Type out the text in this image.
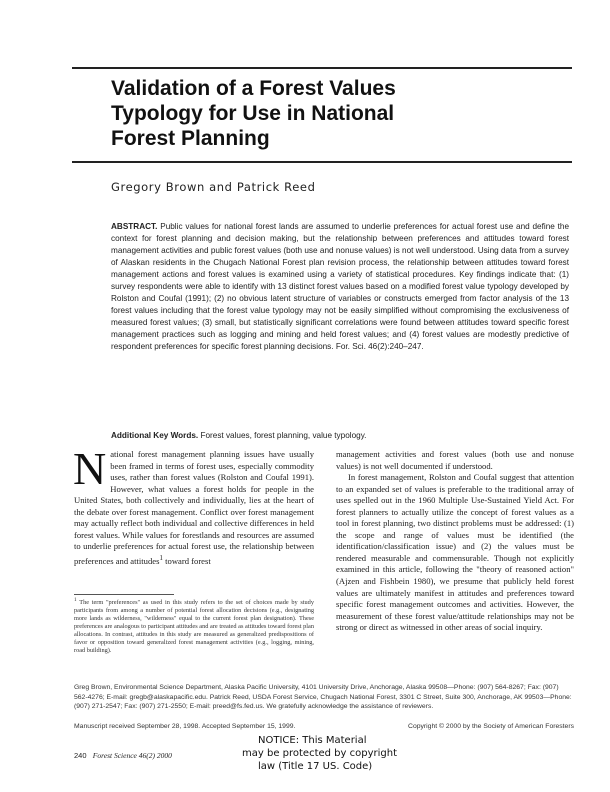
Validation of a Forest Values
Typology for Use in National
Forest Planning
Gregory Brown and Patrick Reed
ABSTRACT. Public values for national forest lands are assumed to underlie preferences for actual forest use and define the context for forest planning and decision making, but the relationship between preferences and attitudes toward forest management activities and public forest values (both use and nonuse values) is not well understood. Using data from a survey of Alaskan residents in the Chugach National Forest plan revision process, the relationship between attitudes toward forest management actions and forest values is examined using a variety of statistical procedures. Key findings indicate that: (1) survey respondents were able to identify with 13 distinct forest values based on a modified forest value typology developed by Rolston and Coufal (1991); (2) no obvious latent structure of variables or constructs emerged from factor analysis of the 13 forest values including that the forest value typology may not be easily simplified without compromising the exclusiveness of measured forest values; (3) small, but statistically significant correlations were found between attitudes toward specific forest management practices such as logging and mining and held forest values; and (4) forest values are modestly predictive of respondent preferences for specific forest planning decisions. For. Sci. 46(2):240–247.
Additional Key Words. Forest values, forest planning, value typology.

National forest management planning issues have usually been framed in terms of forest uses, especially commodity uses, rather than forest values (Rolston and Coufal 1991). However, what values a forest holds for people in the United States, both collectively and individually, lies at the heart of the debate over forest management. Conflict over forest management may actually reflect both individual and collective differences in held forest values. While values for forestlands and resources are assumed to underlie preferences for actual forest use, the relationship between preferences and attitudes$^1$ toward forest

$^1$ The term "preferences" as used in this study refers to the set of choices made by study participants from among a number of potential forest allocation decisions (e.g., designating more lands as wilderness, "wilderness" equal to the current forest plan designation). These preferences are analogous to participant attitudes and are treated as attitudes toward forest plan allocations. In contrast, attitudes in this study are measured as generalized predispositions of favor or opposition toward generalized forest management activities (e.g., logging, mining, road building).

management activities and forest values (both use and nonuse values) is not well documented if understood.

In forest management, Rolston and Coufal suggest that attention to an expanded set of values is preferable to the traditional array of uses spelled out in the 1960 Multiple Use-Sustained Yield Act. For forest planners to actually utilize the concept of forest values as a tool in forest planning, two distinct problems must be addressed: (1) the scope and range of values must be identified (the identification/classification issue) and (2) the values must be rendered measurable and commensurable. Though not explicitly examined in this article, following the "theory of reasoned action" (Ajzen and Fishbein 1980), we presume that publicly held forest values are ultimately manifest in attitudes and preferences toward specific forest management outcomes and activities. However, the measurement of these forest value/attitude relationships may not be strong or direct as witnessed in other areas of social inquiry.

Greg Brown, Environmental Science Department, Alaska Pacific University, 4101 University Drive, Anchorage, Alaska 99508—Phone: (907) 564-8267; Fax: (907) 562-4276; E-mail: gregb@alaskapacific.edu. Patrick Reed, USDA Forest Service, Chugach National Forest, 3301 C Street, Suite 300, Anchorage, AK 99503—Phone: (907) 271-2547; Fax: (907) 271-2550; E-mail: preed@fs.fed.us. We gratefully acknowledge the assistance of reviewers.
Manuscript received September 28, 1998. Accepted September 15, 1999.	Copyright © 2000 by the Society of American Foresters
240 Forest Science 46(2) 2000
NOTICE: This Material
may be protected by copyright
law (Title 17 US. Code)
